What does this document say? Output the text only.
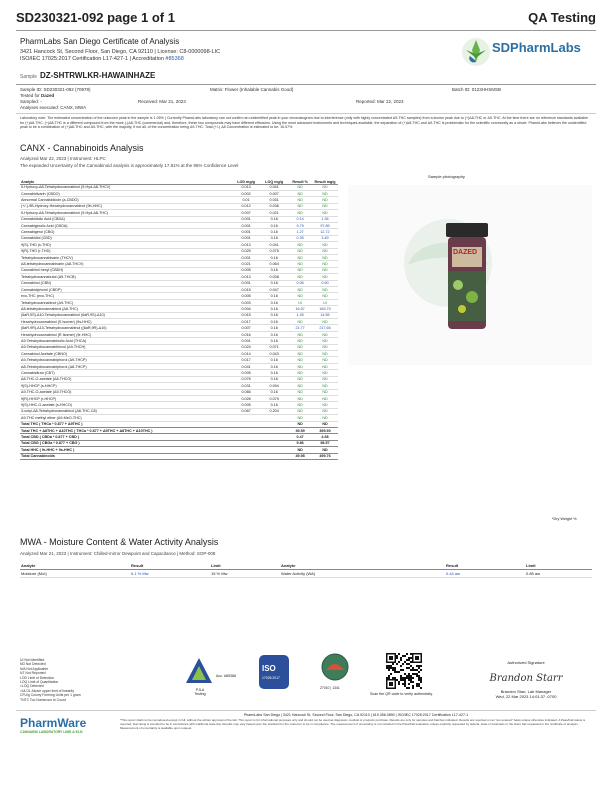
SD230321-092 page 1 of 1	QA Testing
PharmLabs San Diego Certificate of Analysis
3421 Hancock St, Second Floor, San Diego, CA 92110 | License: C8-0000098-LIC
ISO/IEC 17025:2017 Certification L17-427-1 | Accreditation #85368
SDPharmLabs
Sample DZ-SHTRWLKR-HAWAINHAZE
Sample ID: SD230321-092 (70978)	Matrix: Flower (Inhalable Cannabis Good)	Batch ID: 0123HHSMSB
Tested for Dazed
Sampled: -	Received: Mar 21, 2023	Reported: Mar 22, 2023
Analyses executed: CANX, MWA
Laboratory note: The estimated concentration of the unknown peak in the sample is 1.05% ( Currently PharmLabs laboratory can not confirm an unidentified peak in your chromatogram due to interference (only with highly concentrated Δ9-THC samples) from a known peak due to (+)Δ8-THC or Δ9-THC. At the time there are no reference standards available for (+)Δ8-THC. (+)Δ8-THC is a different compound from the more (-)Δ8-THC (commercial) and, therefore, these two compounds may have different efficacies. Using the most advanced instruments and techniques available, the separation of (+)Δ8-THC and Δ9-THC is problematic for the scientific community as a whole. PharmLabs believes the unidentified peak to be a combination of (+)Δ8-THC and Δ9-THC, with the majority, if not all, of the concentration being Δ9-THC. Total (+/-) Δ8 Concentration is estimated to be: 16.57%
CANX - Cannabinoids Analysis
Analyzed Mar 22, 2023 | Instrument: HLPC
The expanded Uncertainty of the Cannabinoid analysis is approximately 17.81% at the 95% Confidence Level
Analyte	LOD mg/g	LOQ mg/g	Result %	Result mg/g
9-Hydroxy-Δ8-Tetrahydrocannabinol (9-Hyd-Δ8-THCV)	0.013	0.041	ND	ND
Cannabidivarin (CBDO)	0.002	0.007	ND	ND
Abnormal Cannabidiocin (a-CBDO)	0.01	0.031	ND	ND
(+/-)-9B-Hydroxy-Hexahydrocannabinol (9b-HHC)	0.012	0.036	ND	ND
9-Hydroxy-Δ8-Tetrahydrocannabinol (9-Hyd-Δ8-THC)	0.007	0.021	ND	ND
Cannabidiolic Acid (CBDA)	0.001	0.16	0.14	1.36
Cannabigerolic Acid (CBGA)	0.001	0.16	9.79	97.89
Cannabigerol (CBG)	0.001	0.16	1.27	12.72
Cannabidiol (CBD)	0.001	0.16	0.35	3.49
9(S)-THD (s-THD)	0.013	0.041	ND	ND
9(R)-THD (r-THD)	0.025	0.075	ND	ND
Tetrahydrocannabivarin (THCV)	0.001	0.16	ND	ND
Δ8-tetrahydrocannabivarin (Δ8-THCV)	0.021	0.064	ND	ND
Cannabinol hexyl (CBDH)	0.005	0.16	ND	ND
Tetrahydrocannabutol (Δ9-THCB)	0.013	0.038	ND	ND
Cannabinol (CBN)	0.001	0.16	0.06	0.60
Cannabidiphorol (CBDP)	0.015	0.047	ND	ND
exo-THC (exo-THC)	0.005	0.16	ND	ND
Tetrahydrocannabinol (Δ9-THC)	0.003	0.16	UI	UI
Δ8-tetrahydrocannabinol (Δ8-THC)	0.004	0.16	16.57	165.70
(6aR,9S)-Δ10-Tetrahydrocannabinol (6aR,9S)-Δ10)	0.015	0.16	1.45	14.55
Hexahydrocannabinol (S Isomer) (9s-HHC)	0.017	0.16	ND	ND
(6aR,9R)-Δ10-Tetrahydrocannabinol ((6aR,9R)-Δ10)	0.007	0.16	21.77	217.66
Hexahydrocannabinol (R Isomer) (9r-HHC)	0.016	0.16	ND	ND
Δ9-Tetrahydrocannabinolic Acid (THCA)	0.001	0.16	ND	ND
Δ9-Tetrahydrocannabihexol (Δ9-THCH)	0.024	0.071	ND	ND
Cannabinol Acetate (CBNO)	0.014	0.043	ND	ND
Δ9-Tetrahydrocannabiphorol (Δ9-THCP)	0.017	0.16	ND	ND
Δ8-Tetrahydrocannabiphorol (Δ8-THCP)	0.041	0.16	ND	ND
Cannabicitran (CBT)	0.005	0.16	ND	ND
Δ8-THC-O-acetate (Δ8-THCO)	0.076	0.16	ND	ND
9(S)-HHCP (s-HHCP)	0.031	0.094	ND	ND
Δ9-THC-O-acetate (Δ9-THCO)	0.066	0.16	ND	ND
9(R)-HHCP (r-HHCP)	0.026	0.079	ND	ND
9(S)-HHC-O-acetate (s-HHCO)	0.005	0.16	ND	ND
3-octyl-Δ8-Tetrahydrocannabinol (Δ8-THC-C8)	0.067	0.204	ND	ND
Δ9-THC methyl ether (Δ9-MeO-THC)			ND	ND
Total THC ( THCa * 0.877 + Δ9THC )			ND	ND
Total THC + Δ8THC + Δ10THC ( THCa * 0.877 + Δ9THC + Δ8THC + Δ10THC )			39.59	395.90
Total CBD ( CBDa * 0.877 + CBD )			0.47	4.68
Total CBG ( CBGa * 0.877 + CBG )			9.86	98.57
Total HHC ( 9r-HHC + 9s-HHC )			ND	ND
Total Cannabinoids			49.98	499.76
Sample photography
DAZED
*Dry Weight %
MWA - Moisture Content & Water Activity Analysis
Analyzed Mar 21, 2023 | Instrument: Chilled-mirror Dewpoint and Capacitance | Method: SOP-008
Analyte	Result	Limit	Analyte	Result	Limit
Moisture (MoI)	6.1 % Mw	15 % Mw	Water Activity (WA)	0.44 aw	0.85 aw
UI Not Identified
ND Not Detected
N/A Not Applicable
NT Not Reported
LOD Limit of Detection
LOQ Limit of Quantitation
<LOQ Detected
>ULOL Above upper limit of linearity
CFU/g Colony Forming Units per 1 gram
TNTC Too Numerous to Count
PJLA
Testing
Acc. #85368
ISO
17025:2017
27010 | 1341
Scan the QR code to verify authenticity.
Authorized Signature
Brandon Starr
Brandon Starr, Lab Manager
Wed, 22 Mar 2023 14:01:37 -0700
PharmWare
CANNABIS LABORATORY LIMS & ELN
PharmLabs San Diego | 3421 Hancock St, Second Floor, San Diego, CA 92110 | 619.356.0890 | ISO/IEC 17025:2017 Certification L17-427-1
*This report shall not be reproduced except in full, without the written approval of the lab. This report is for informational purposes only and should not be used as diagnosis, medical or products purchase. Results are only for samples and batches indicated. Results are reported on an "as received" basis unless otherwise indicated. A Pass/Fail status is reported, that rating is intended to be in accordance with California state law. Results may vary based upon the standard for the customer to be in compliance. The measurement of uncertainty is not included in the Pass/Fail evaluation unless explicitly requested by federal, state or local laws or the client has requested in the certificate of analysis. Measurement of uncertainty is available upon request.
